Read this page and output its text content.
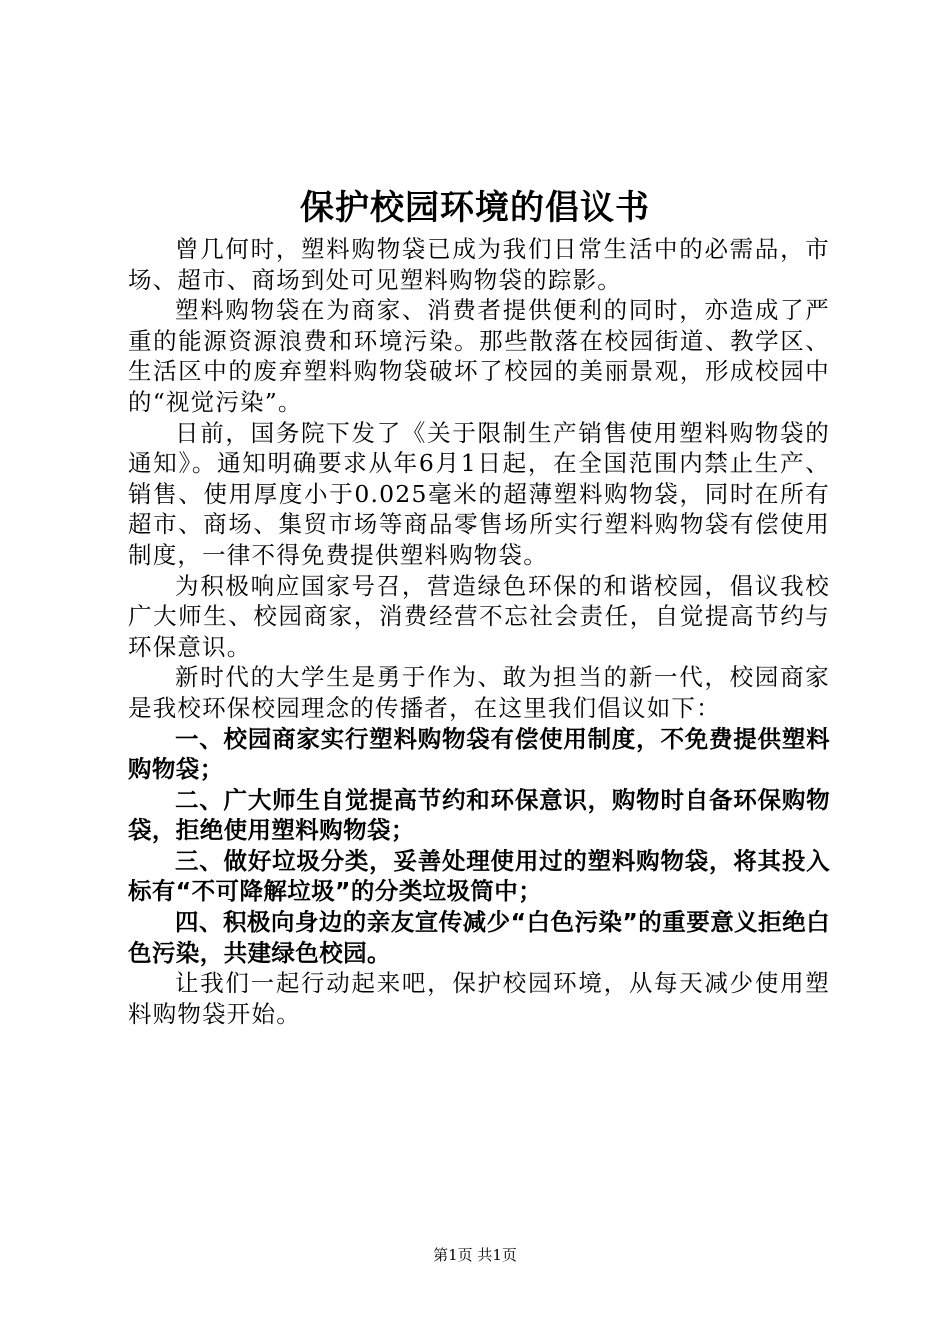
保护校园环境的倡议书

曾几何时，塑料购物袋已成为我们日常生活中的必需品，市场、超市、商场到处可见塑料购物袋的踪影。

塑料购物袋在为商家、消费者提供便利的同时，亦造成了严重的能源资源浪费和环境污染。那些散落在校园街道、教学区、生活区中的废弃塑料购物袋破坏了校园的美丽景观，形成校园中的“视觉污染”。

日前，国务院下发了《关于限制生产销售使用塑料购物袋的通知》。通知明确要求从年6月1日起，在全国范围内禁止生产、销售、使用厚度小于0.025毫米的超薄塑料购物袋，同时在所有超市、商场、集贸市场等商品零售场所实行塑料购物袋有偿使用制度，一律不得免费提供塑料购物袋。

为积极响应国家号召，营造绿色环保的和谐校园，倡议我校广大师生、校园商家，消费经营不忘社会责任，自觉提高节约与环保意识。

新时代的大学生是勇于作为、敢为担当的新一代，校园商家是我校环保校园理念的传播者，在这里我们倡议如下：

一、校园商家实行塑料购物袋有偿使用制度，不免费提供塑料购物袋；

二、广大师生自觉提高节约和环保意识，购物时自备环保购物袋，拒绝使用塑料购物袋；

三、做好垃圾分类，妥善处理使用过的塑料购物袋，将其投入标有“不可降解垃圾”的分类垃圾筒中；

四、积极向身边的亲友宣传减少“白色污染”的重要意义拒绝白色污染，共建绿色校园。

让我们一起行动起来吧，保护校园环境，从每天减少使用塑料购物袋开始。

第1页 共1页
